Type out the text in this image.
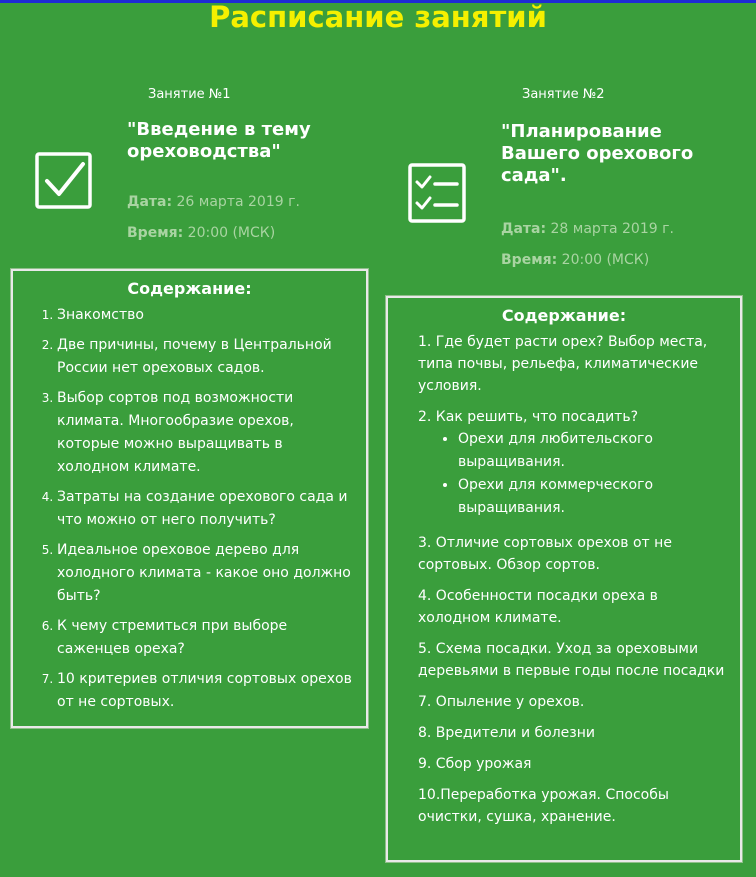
Расписание занятий
Занятие №1
"Введение в тему ореховодства"
Дата: 26 марта 2019 г.
Время: 20:00 (МСК)
Занятие №2
"Планирование Вашего орехового сада".
Дата: 28 марта 2019 г.
Время: 20:00 (МСК)
Содержание:
1. Знакомство
2. Две причины, почему в Центральной России нет ореховых садов.
3. Выбор сортов под возможности климата. Многообразие орехов, которые можно выращивать в холодном климате.
4. Затраты на создание орехового сада и что можно от него получить?
5. Идеальное ореховое дерево для холодного климата - какое оно должно быть?
6. К чему стремиться при выборе саженцев ореха?
7. 10 критериев отличия сортовых орехов от не сортовых.
Содержание:
1. Где будет расти орех? Выбор места, типа почвы, рельефа, климатические условия.
2. Как решить, что посадить?
• Орехи для любительского выращивания.
• Орехи для коммерческого выращивания.
3. Отличие сортовых орехов от не сортовых. Обзор сортов.
4. Особенности посадки ореха в холодном климате.
5. Схема посадки. Уход за ореховыми деревьями в первые годы после посадки
7. Опыление у орехов.
8. Вредители и болезни
9. Сбор урожая
10.Переработка урожая. Способы очистки, сушка, хранение.
